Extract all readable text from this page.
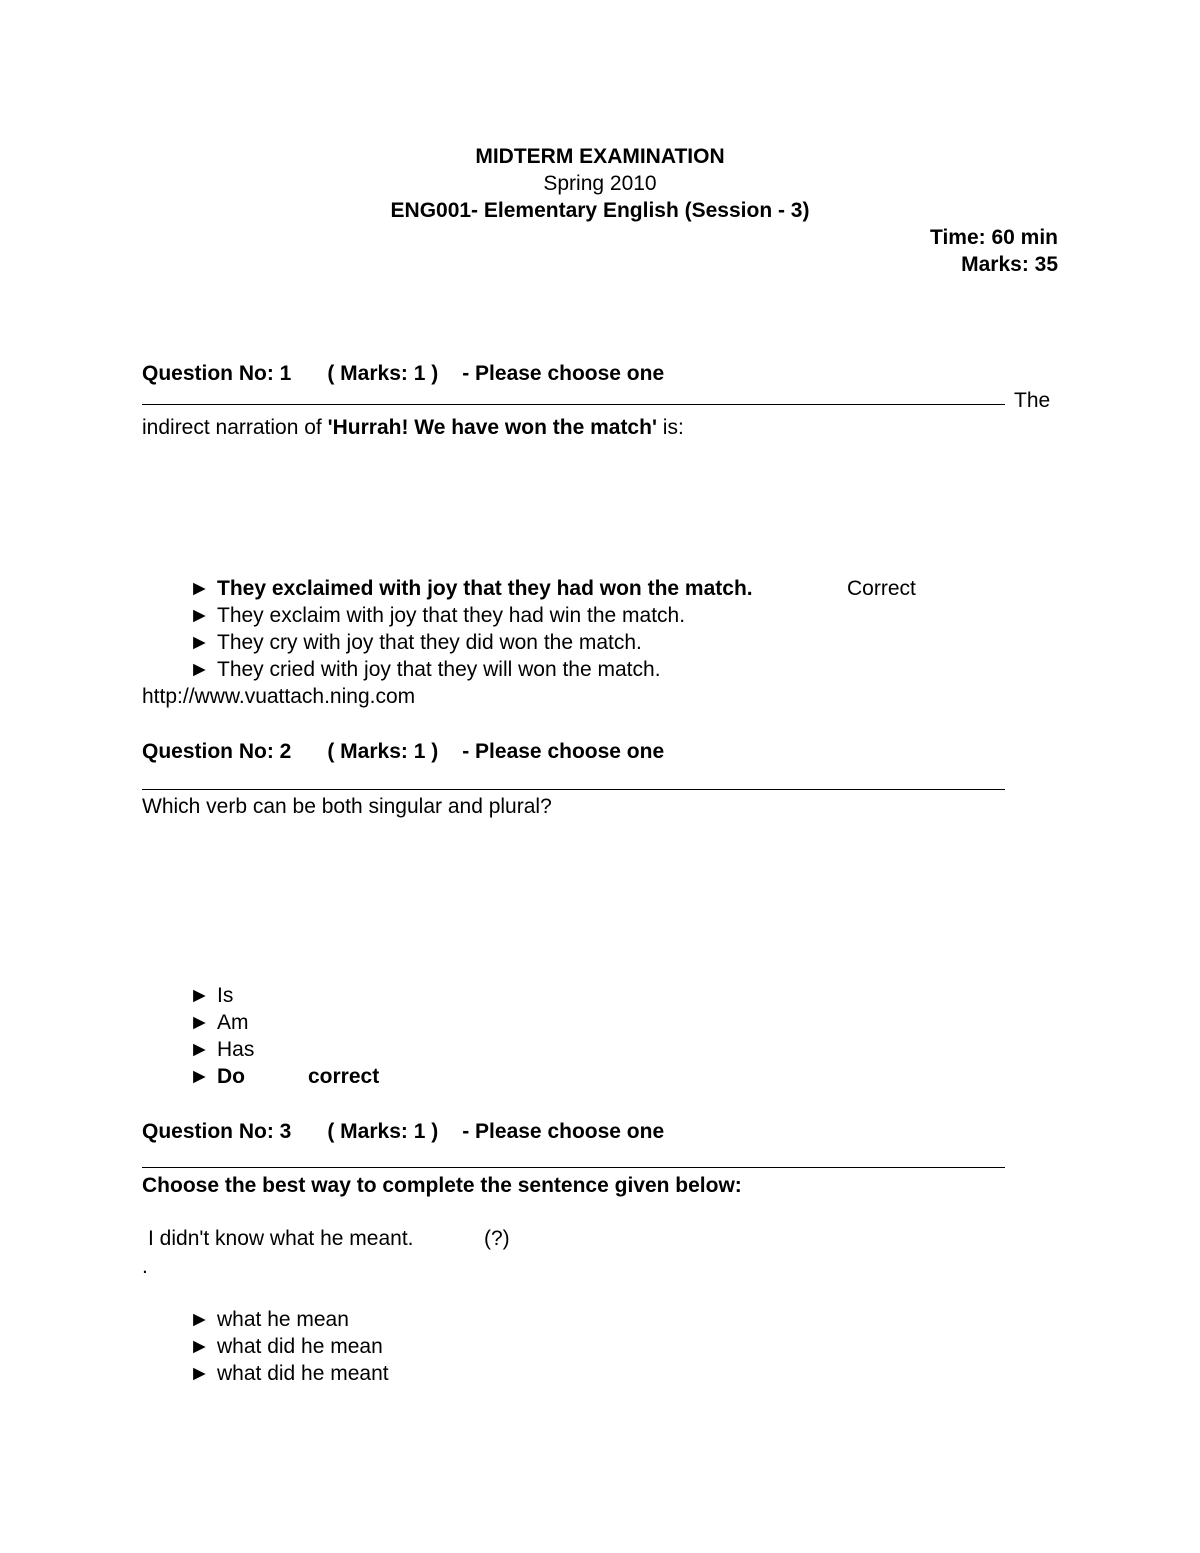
MIDTERM EXAMINATION
Spring 2010
ENG001- Elementary English (Session - 3)
Time: 60 min
Marks: 35
Question No: 1 ( Marks: 1 ) - Please choose one
The
indirect narration of 'Hurrah! We have won the match' is:
► They exclaimed with joy that they had won the match.	Correct
► They exclaim with joy that they had win the match.
► They cry with joy that they did won the match.
► They cried with joy that they will won the match.
http://www.vuattach.ning.com
Question No: 2 ( Marks: 1 ) - Please choose one
Which verb can be both singular and plural?
► Is
► Am
► Has
► Do	correct
Question No: 3 ( Marks: 1 ) - Please choose one
Choose the best way to complete the sentence given below:
I didn't know what he meant.	(?)
.
► what he mean
► what did he mean
► what did he meant
